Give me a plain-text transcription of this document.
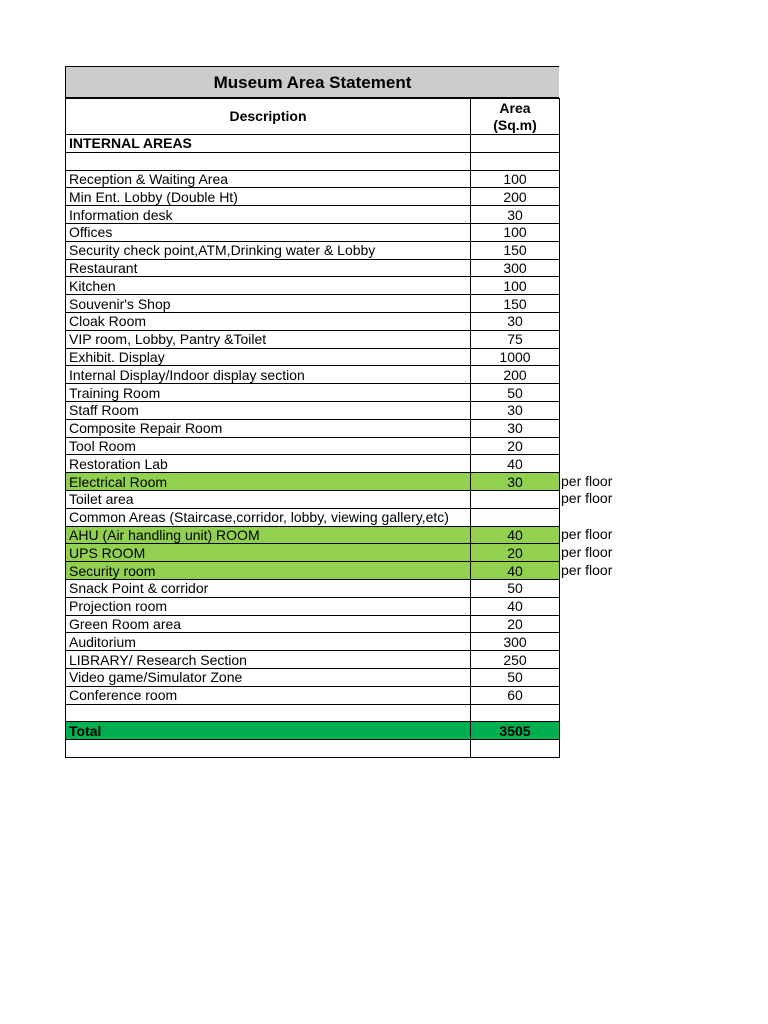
Museum Area Statement
Description	Area
(Sq.m)

INTERNAL AREAS	

Reception & Waiting Area	100
Min Ent. Lobby (Double Ht)	200
Information desk	30
Offices	100
Security check point,ATM,Drinking water & Lobby	150
Restaurant	300
Kitchen	100
Souvenir's Shop	150
Cloak Room	30
VIP room, Lobby, Pantry &Toilet	75
Exhibit. Display	1000
Internal Display/Indoor display section	200
Training Room	50
Staff Room	30
Composite Repair Room	30
Tool Room	20
Restoration Lab	40
Electrical Room	30		per floor

Toilet area			per floor

Common Areas (Staircase,corridor, lobby, viewing gallery,etc)	
AHU (Air handling unit) ROOM	40		per floor

UPS ROOM	20		per floor

Security room	40		per floor

Snack Point & corridor	50
Projection room	40
Green Room area	20
Auditorium	300
LIBRARY/ Research Section	250
Video game/Simulator Zone	50
Conference room	60

Total	3505
